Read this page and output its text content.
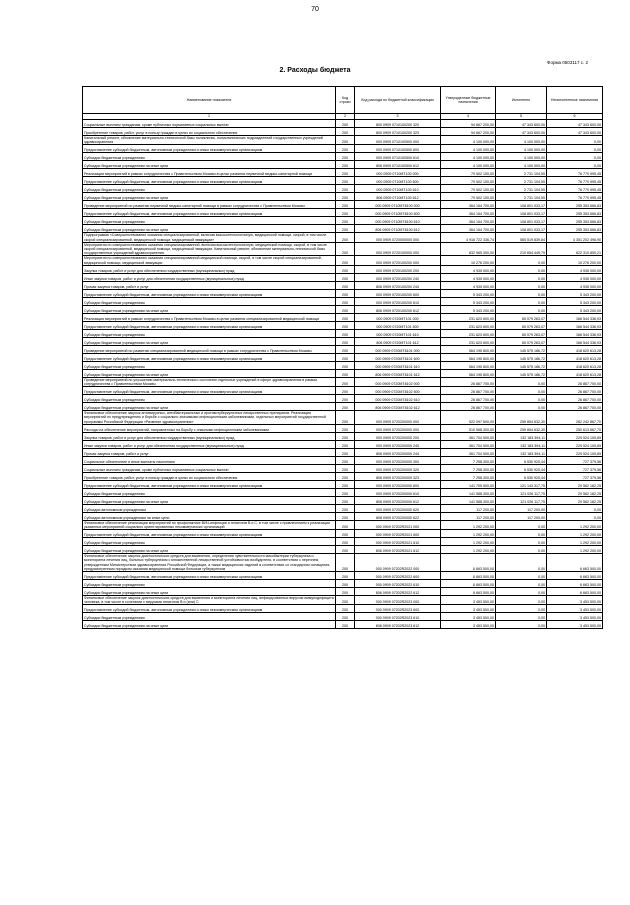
70
Форма 0503117 с. 2
2. Расходы бюджета
Наименование показателя	Код строки	Код расхода по бюджетной классификации	Утвержденные бюджетные назначения	Исполнено	Неисполненные назначения
1	2	3	4	5	6
Социальные выплаты гражданам, кроме публичных нормативных социальных выплат	200	800 0909 0710100200 320	94 667 200,00	47 343 600,00	47 343 600,00
Приобретение товаров, работ, услуг в пользу граждан в целях их социального обеспечения	200	800 0909 0710100200 323	94 667 200,00	47 343 600,00	47 343 600,00
Капитальный ремонт, обновление материально-технической базы поликлиник, поликлинических подразделений государственных учреждений здравоохранения	200	000 0909 0710100500 000	4 100 000,00	4 100 000,00	0,00
Предоставление субсидий бюджетным, автономным учреждениям и иным некоммерческим организациям	200	000 0909 0710100500 600	4 100 000,00	4 100 000,00	0,00
Субсидии бюджетным учреждениям	200	000 0909 0710100500 610	4 100 000,00	4 100 000,00	0,00
Субсидии бюджетным учреждениям на иные цели	200	806 0909 0710100500 612	4 100 000,00	4 100 000,00	0,00
Реализация мероприятий в рамках сотрудничества с Правительством Москвы в целях развития первичной медико-санитарной помощи	200	000 0909 0710МТ100 000	79 502 100,00	2 731 104,55	76 770 995,45
Предоставление субсидий бюджетным, автономным учреждениям и иным некоммерческим организациям	200	000 0909 0710МТ100 600	79 502 100,00	2 731 104,55	76 770 995,45
Субсидии бюджетным учреждениям	200	000 0909 0710МТ100 610	79 502 100,00	2 731 104,55	76 770 995,45
Субсидии бюджетным учреждениям на иные цели	200	806 0909 0710МТ100 612	79 502 100,00	2 731 104,55	76 770 995,45
Проведение мероприятий по развитию первичной медико-санитарной помощи в рамках сотрудничества с Правительством Москвы	200	000 0909 0710МТ8100 000	364 154 700,00	108 801 033,17	255 353 666,83
Предоставление субсидий бюджетным, автономным учреждениям и иным некоммерческим организациям	200	000 0909 0710МТ8100 600	364 154 700,00	108 801 033,17	255 353 666,83
Субсидии бюджетным учреждениям	200	000 0909 0710МТ8100 610	364 154 700,00	108 801 033,17	255 353 666,83
Субсидии бюджетным учреждениям на иные цели	200	806 0909 0710МТ8100 612	364 154 700,00	108 801 033,17	255 353 666,83
Подпрограмма «Совершенствование оказания специализированной, включая высокотехнологичную, медицинской помощи, скорой, в том числе скорой специализированной, медицинской помощи, медицинской эвакуации»	200	000 0909 0720000000 000	4 916 722 336,74	565 519 839,84	4 351 202 496,90
Мероприятия по совершенствованию оказания специализированной, включая высокотехнологичную, медицинской помощи, скорой, в том числе скорой специализированной, медицинской помощи, медицинской эвакуации. Капитальный ремонт, обновление материально-технической базы государственных учреждений здравоохранения	200	000 0909 0720100000 000	832 965 300,00	210 654 449,79	622 310 850,21
Мероприятия по совершенствованию оказания специализированной медицинской помощи, скорой, в том числе скорой специализированной, медицинской помощи, медицинской эвакуации	200	000 0909 0720100200 000	10 276 200,00	0,00	10 276 200,00
Закупка товаров, работ и услуг для обеспечения государственных (муниципальных) нужд	200	000 0909 0720100200 200	4 935 000,00	0,00	4 935 000,00
Иные закупки товаров, работ и услуг для обеспечения государственных (муниципальных) нужд	200	000 0909 0720100200 240	4 935 000,00	0,00	4 935 000,00
Прочая закупка товаров, работ и услуг	200	806 0909 0720100200 244	4 935 000,00	0,00	4 935 000,00
Предоставление субсидий бюджетным, автономным учреждениям и иным некоммерческим организациям	200	000 0909 0720100200 600	5 343 200,00	0,00	5 343 200,00
Субсидии бюджетным учреждениям	200	000 0909 0720100200 610	5 343 200,00	0,00	5 343 200,00
Субсидии бюджетным учреждениям на иные цели	200	806 0909 0720100200 612	5 343 200,00	0,00	5 343 200,00
Реализация мероприятий в рамках сотрудничества с Правительством Москвы в целях развития специализированной медицинской помощи	200	000 0909 0720МТ101 000	231 623 600,00	65 079 263,07	166 544 336,93
Предоставление субсидий бюджетным, автономным учреждениям и иным некоммерческим организациям	200	000 0909 0720МТ101 600	231 623 600,00	65 079 263,07	166 544 336,93
Субсидии бюджетным учреждениям	200	000 0909 0720МТ101 610	231 623 600,00	65 079 263,07	166 544 336,93
Субсидии бюджетным учреждениям на иные цели	200	806 0909 0720МТ101 612	231 623 600,00	65 079 263,07	166 544 336,93
Проведение мероприятий по развитию специализированной медицинской помощи в рамках сотрудничества с Правительством Москвы	200	000 0909 0720МТ8101 000	564 195 800,00	145 575 186,72	418 620 613,28
Предоставление субсидий бюджетным, автономным учреждениям и иным некоммерческим организациям	200	000 0909 0720МТ8101 600	564 195 800,00	145 575 186,72	418 620 613,28
Субсидии бюджетным учреждениям	200	000 0909 0720МТ8101 610	564 195 800,00	145 575 186,72	418 620 613,28
Субсидии бюджетным учреждениям на иные цели	200	806 0909 0720МТ8101 612	564 195 800,00	145 575 186,72	418 620 613,28
Проведение мероприятий по улучшению материально-технического состояния отдельных учреждений в сфере здравоохранения в рамках сотрудничества с Правительством Москвы	200	000 0909 0720МТ8102 000	26 867 700,00	0,00	26 867 700,00
Предоставление субсидий бюджетным, автономным учреждениям и иным некоммерческим организациям	200	000 0909 0720МТ8102 600	26 867 700,00	0,00	26 867 700,00
Субсидии бюджетным учреждениям	200	000 0909 0720МТ8102 610	26 867 700,00	0,00	26 867 700,00
Субсидии бюджетным учреждениям на иные цели	200	806 0909 0720МТ8102 612	26 867 700,00	0,00	26 867 700,00
Финансовое обеспечение закупок антивирусных, антибактериальных и противотуберкулезных лекарственных препаратов. Реализация мероприятий по предупреждению и борьбе с социально значимыми инфекционными заболеваниями, отдельных мероприятий государственной программы Российской Федерации «Развитие здравоохранения»	200	000 0909 0720200000 000	522 097 500,00	259 854 632,30	262 242 867,70
Расходы на обеспечение мероприятий, направленных на борьбу с опасными инфекционными заболеваниями	200	000 0909 0720200000 000	510 568 300,00	259 854 632,30	250 613 667,70
Закупка товаров, работ и услуг для обеспечения государственных (муниципальных) нужд	200	000 0909 0720200000 200	361 704 500,00	132 183 394,11	229 524 105,89
Иные закупки товаров, работ и услуг для обеспечения государственных (муниципальных) нужд	200	000 0909 0720200000 240	361 704 500,00	132 183 394,11	229 524 105,89
Прочая закупка товаров, работ и услуг	200	806 0909 0720200000 244	361 704 500,00	132 183 394,11	229 524 105,89
Социальное обеспечение и иные выплаты населению	200	000 0909 0720200000 300	7 258 300,00	6 530 920,44	727 379,56
Социальные выплаты гражданам, кроме публичных нормативных социальных выплат	200	000 0909 0720200000 320	7 258 300,00	6 530 920,44	727 379,56
Приобретение товаров, работ, услуг в пользу граждан в целях их социального обеспечения	200	806 0909 0720200000 323	7 258 300,00	6 530 920,44	727 379,56
Предоставление субсидий бюджетным, автономным учреждениям и иным некоммерческим организациям	200	000 0909 0720200000 600	141 705 500,00	121 143 317,75	20 562 182,25
Субсидии бюджетным учреждениям	200	000 0909 0720200000 610	141 588 300,00	121 026 117,75	20 562 182,25
Субсидии бюджетным учреждениям на иные цели	200	806 0909 0720200000 612	141 588 300,00	121 026 117,75	20 562 182,25
Субсидии автономным учреждениям	200	000 0909 0720200000 620	117 200,00	117 200,00	0,00
Субсидии автономным учреждениям на иные цели	200	808 0909 0720200000 622	117 200,00	117 200,00	0,00
Финансовое обеспечение реализации мероприятий по профилактике ВИЧ-инфекции и гепатитов B и C, в том числе с привлечением к реализации указанных мероприятий социально ориентированных некоммерческих организаций	200	000 0909 07202R2021 000	1 292 200,00	0,00	1 292 200,00
Предоставление субсидий бюджетным, автономным учреждениям и иным некоммерческим организациям	200	000 0909 07202R2021 600	1 292 200,00	0,00	1 292 200,00
Субсидии бюджетным учреждениям	200	000 0909 07202R2021 610	1 292 200,00	0,00	1 292 200,00
Субсидии бюджетным учреждениям на иные цели	200	806 0909 07202R2021 612	1 292 200,00	0,00	1 292 200,00
Финансовое обеспечение закупок диагностических средств для выявления, определения чувствительности микобактерии туберкулеза и мониторинга лечения лиц, больных туберкулезом с множественной лекарственной устойчивостью возбудителя, в соответствии с перечнем, утвержденным Министерством здравоохранения Российской Федерации, а также медицинских изделий в соответствии со стандартом оснащения, предусмотренным порядком оказания медицинской помощи больным туберкулезом	200	000 0909 07202R2022 000	6 663 500,00	0,00	6 663 500,00
Предоставление субсидий бюджетным, автономным учреждениям и иным некоммерческим организациям	200	000 0909 07202R2022 600	6 663 500,00	0,00	6 663 500,00
Субсидии бюджетным учреждениям	200	000 0909 07202R2022 610	6 663 500,00	0,00	6 663 500,00
Субсидии бюджетным учреждениям на иные цели	200	806 0909 07202R2022 612	6 663 500,00	0,00	6 663 500,00
Финансовое обеспечение закупок диагностических средств для выявления и мониторинга лечения лиц, инфицированных вирусом иммунодефицита человека, в том числе в сочетании с вирусами гепатитов B и (или) C	200	000 0909 07202R2023 000	3 453 500,00	0,00	3 453 500,00
Предоставление субсидий бюджетным, автономным учреждениям и иным некоммерческим организациям	200	000 0909 07202R2023 600	3 453 500,00	0,00	3 453 500,00
Субсидии бюджетным учреждениям	200	000 0909 07202R2023 610	3 453 500,00	0,00	3 453 500,00
Субсидии бюджетным учреждениям на иные цели	200	806 0909 07202R2023 612	3 453 500,00	0,00	3 453 500,00
